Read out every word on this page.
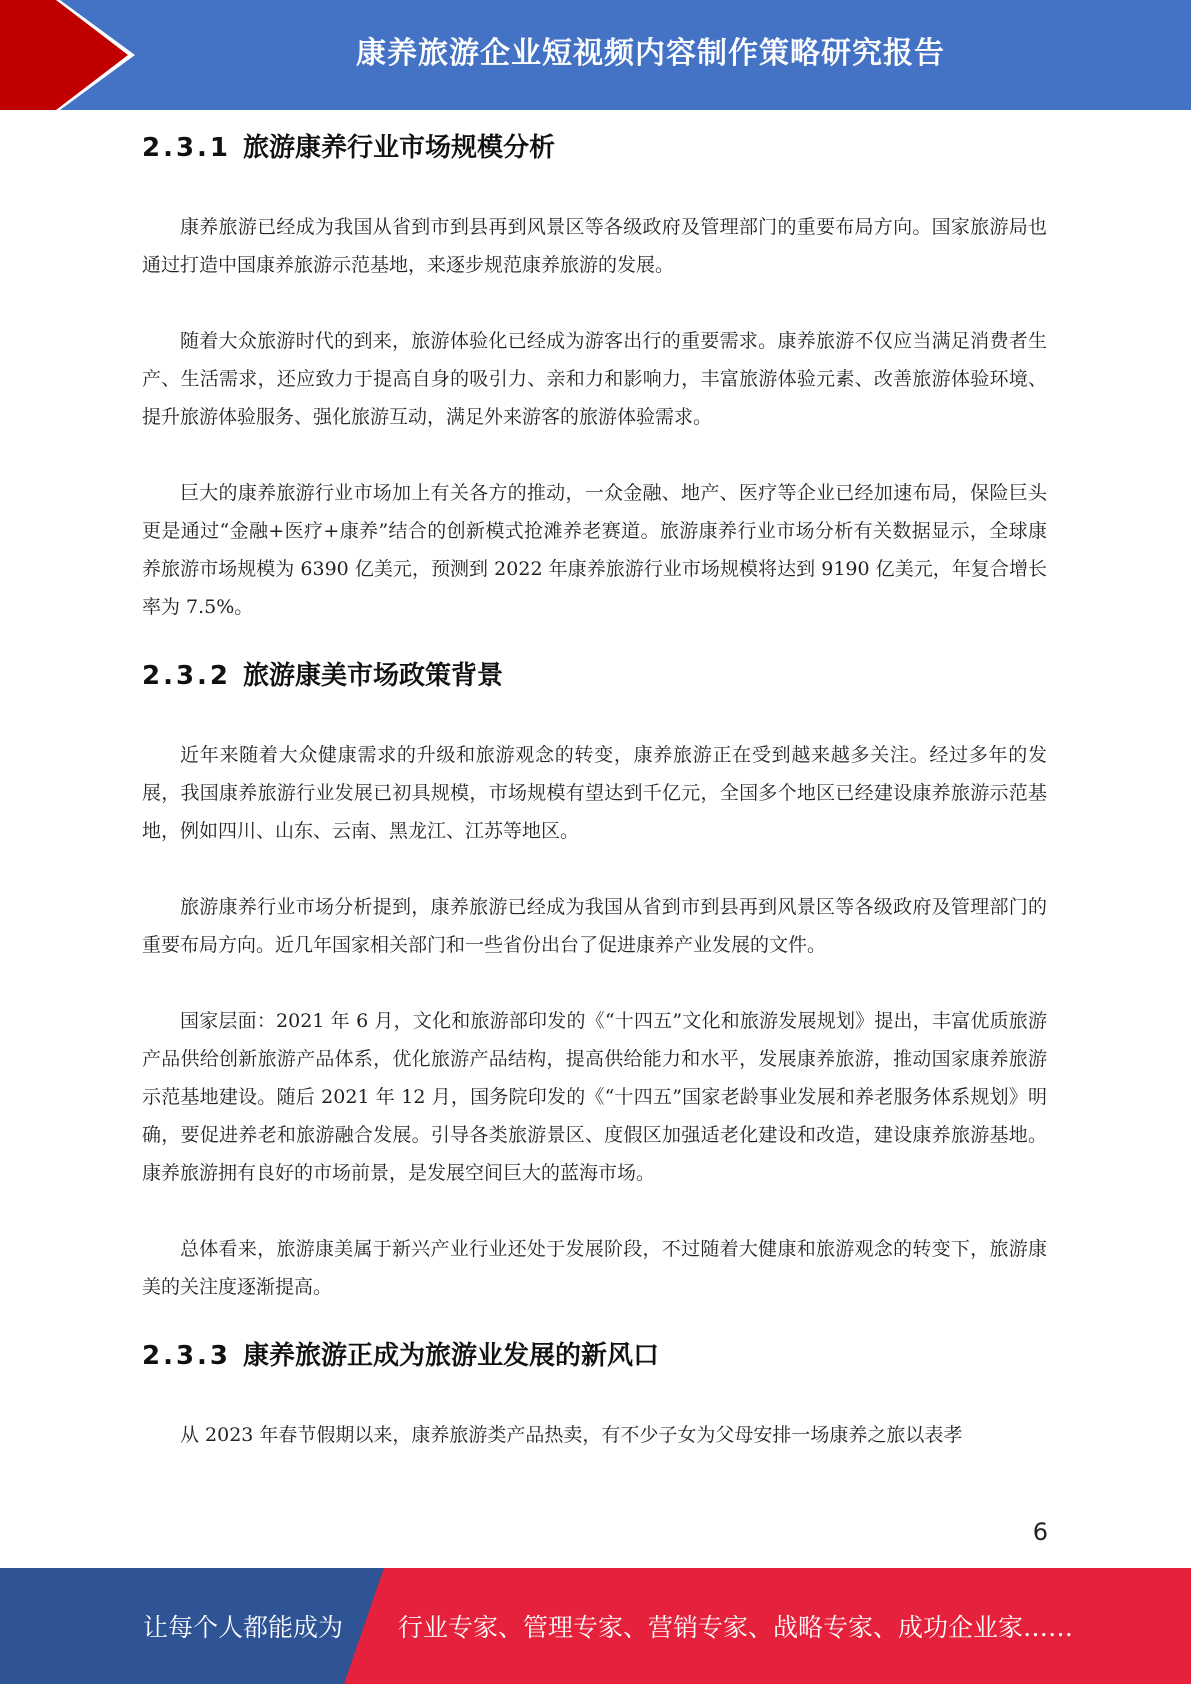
康养旅游企业短视频内容制作策略研究报告
2.3.1 旅游康养行业市场规模分析

康养旅游已经成为我国从省到市到县再到风景区等各级政府及管理部门的重要布局方向。国家旅游局也通过打造中国康养旅游示范基地，来逐步规范康养旅游的发展。

随着大众旅游时代的到来，旅游体验化已经成为游客出行的重要需求。康养旅游不仅应当满足消费者生产、生活需求，还应致力于提高自身的吸引力、亲和力和影响力，丰富旅游体验元素、改善旅游体验环境、提升旅游体验服务、强化旅游互动，满足外来游客的旅游体验需求。

巨大的康养旅游行业市场加上有关各方的推动，一众金融、地产、医疗等企业已经加速布局，保险巨头更是通过“金融+医疗+康养”结合的创新模式抢滩养老赛道。旅游康养行业市场分析有关数据显示，全球康养旅游市场规模为 6390 亿美元，预测到 2022 年康养旅游行业市场规模将达到 9190 亿美元，年复合增长率为 7.5%。

2.3.2 旅游康美市场政策背景

近年来随着大众健康需求的升级和旅游观念的转变，康养旅游正在受到越来越多关注。经过多年的发展，我国康养旅游行业发展已初具规模，市场规模有望达到千亿元，全国多个地区已经建设康养旅游示范基地，例如四川、山东、云南、黑龙江、江苏等地区。

旅游康养行业市场分析提到，康养旅游已经成为我国从省到市到县再到风景区等各级政府及管理部门的重要布局方向。近几年国家相关部门和一些省份出台了促进康养产业发展的文件。

国家层面：2021 年 6 月，文化和旅游部印发的《“十四五”文化和旅游发展规划》提出，丰富优质旅游产品供给创新旅游产品体系，优化旅游产品结构，提高供给能力和水平，发展康养旅游，推动国家康养旅游示范基地建设。随后 2021 年 12 月，国务院印发的《“十四五”国家老龄事业发展和养老服务体系规划》明确，要促进养老和旅游融合发展。引导各类旅游景区、度假区加强适老化建设和改造，建设康养旅游基地。康养旅游拥有良好的市场前景，是发展空间巨大的蓝海市场。

总体看来，旅游康美属于新兴产业行业还处于发展阶段，不过随着大健康和旅游观念的转变下，旅游康美的关注度逐渐提高。

2.3.3 康养旅游正成为旅游业发展的新风口

从 2023 年春节假期以来，康养旅游类产品热卖，有不少子女为父母安排一场康养之旅以表孝

6
让每个人都能成为 行业专家、管理专家、营销专家、战略专家、成功企业家……
